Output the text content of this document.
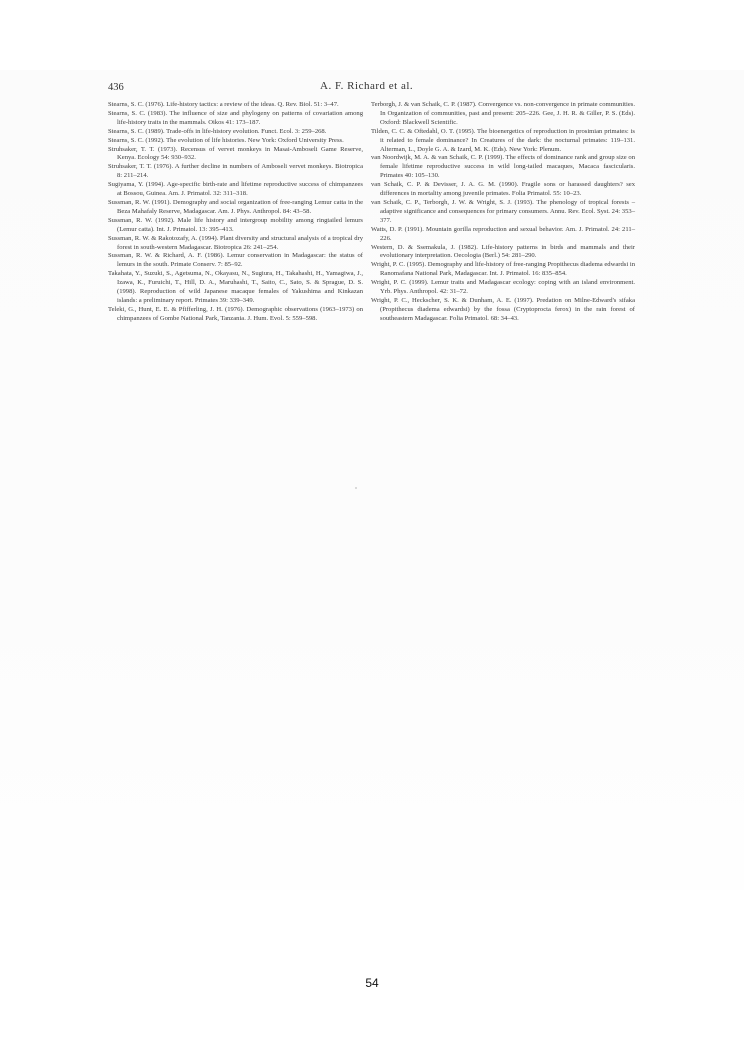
436	A. F. Richard et al.

Stearns, S. C. (1976). Life-history tactics: a review of the ideas. Q. Rev. Biol. 51: 3–47.

Stearns, S. C. (1983). The influence of size and phylogeny on patterns of covariation among life-history traits in the mammals. Oikos 41: 173–187.

Stearns, S. C. (1989). Trade-offs in life-history evolution. Funct. Ecol. 3: 259–268.

Stearns, S. C. (1992). The evolution of life histories. New York: Oxford University Press.

Struhsaker, T. T. (1973). Recensus of vervet monkeys in Masai-Amboseli Game Reserve, Kenya. Ecology 54: 930–932.

Struhsaker, T. T. (1976). A further decline in numbers of Amboseli vervet monkeys. Biotropica 8: 211–214.

Sugiyama, Y. (1994). Age-specific birth-rate and lifetime reproductive success of chimpanzees at Bossou, Guinea. Am. J. Primatol. 32: 311–318.

Sussman, R. W. (1991). Demography and social organization of free-ranging Lemur catta in the Beza Mahafaly Reserve, Madagascar. Am. J. Phys. Anthropol. 84: 43–58.

Sussman, R. W. (1992). Male life history and intergroup mobility among ringtailed lemurs (Lemur catta). Int. J. Primatol. 13: 395–413.

Sussman, R. W. & Rakotozafy, A. (1994). Plant diversity and structural analysis of a tropical dry forest in south-western Madagascar. Biotropica 26: 241–254.

Sussman, R. W. & Richard, A. F. (1986). Lemur conservation in Madagascar: the status of lemurs in the south. Primate Conserv. 7: 85–92.

Takahata, Y., Suzuki, S., Agetsuma, N., Okayasu, N., Sugiura, H., Takahashi, H., Yamagiwa, J., Izawa, K., Furuichi, T., Hill, D. A., Maruhashi, T., Saito, C., Sato, S. & Sprague, D. S. (1998). Reproduction of wild Japanese macaque females of Yakushima and Kinkazan islands: a preliminary report. Primates 39: 339–349.

Teleki, G., Hunt, E. E. & Pfifferling, J. H. (1976). Demographic observations (1963–1973) on chimpanzees of Gombe National Park, Tanzania. J. Hum. Evol. 5: 559–598.

Terborgh, J. & van Schaik, C. P. (1987). Convergence vs. non-convergence in primate communities. In Organization of communities, past and present: 205–226. Gee, J. H. R. & Giller, P. S. (Eds). Oxford: Blackwell Scientific.

Tilden, C. C. & Oftedahl, O. T. (1995). The bioenergetics of reproduction in prosimian primates: is it related to female dominance? In Creatures of the dark: the nocturnal primates: 119–131. Alterman, L., Doyle G. A. & Izard, M. K. (Eds). New York: Plenum.

van Noordwijk, M. A. & van Schaik, C. P. (1999). The effects of dominance rank and group size on female lifetime reproductive success in wild long-tailed macaques, Macaca fascicularis. Primates 40: 105–130.

van Schaik, C. P. & Devisser, J. A. G. M. (1990). Fragile sons or harassed daughters? sex differences in mortality among juvenile primates. Folia Primatol. 55: 10–23.

van Schaik, C. P., Terborgh, J. W. & Wright, S. J. (1993). The phenology of tropical forests – adaptive significance and consequences for primary consumers. Annu. Rev. Ecol. Syst. 24: 353–377.

Watts, D. P. (1991). Mountain gorilla reproduction and sexual behavior. Am. J. Primatol. 24: 211–226.

Western, D. & Ssemakula, J. (1982). Life-history patterns in birds and mammals and their evolutionary interpretation. Oecologia (Berl.) 54: 281–290.

Wright, P. C. (1995). Demography and life-history of free-ranging Propithecus diadema edwardsi in Ranomafana National Park, Madagascar. Int. J. Primatol. 16: 835–854.

Wright, P. C. (1999). Lemur traits and Madagascar ecology: coping with an island environment. Yrb. Phys. Anthropol. 42: 31–72.

Wright, P. C., Heckscher, S. K. & Dunham, A. E. (1997). Predation on Milne-Edward's sifaka (Propithecus diadema edwardsi) by the fossa (Cryptoprocta ferox) in the rain forest of southeastern Madagascar. Folia Primatol. 68: 34–43.

54
